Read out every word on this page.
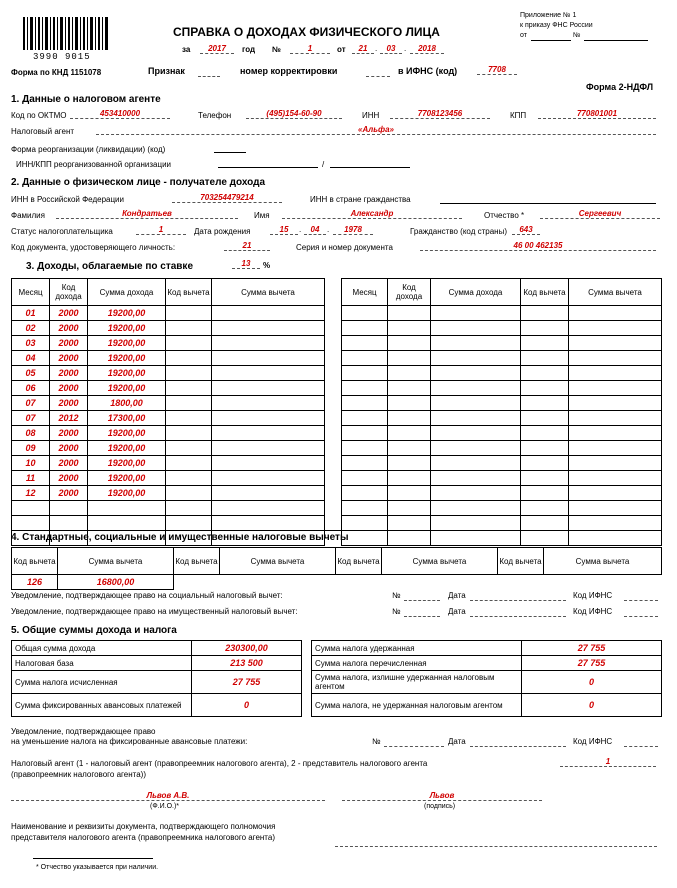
3990 9015
Форма по КНД 1151078
СПРАВКА О ДОХОДАХ ФИЗИЧЕСКОГО ЛИЦА
за	2017	год №	1	от	21 .	03	.	2018
Признак	номер корректировки	в ИФНС (код)	7708
Приложение № 1
к приказу ФНС России
от	№
Форма 2-НДФЛ
1. Данные о налоговом агенте
Код по ОКТМО	453410000	Телефон	(495)154-60-90	ИНН	7708123456	КПП	770801001
Налоговый агент	«Альфа»
Форма реорганизации (ликвидации) (код)
ИНН/КПП реорганизованной организации	/
2. Данные о физическом лице - получателе дохода
ИНН в Российской Федерации	703254479214	ИНН в стране гражданства
Фамилия	Кондратьев	Имя	Александр	Отчество *	Сергеевич
Статус налогоплательщика	1	Дата рождения	15	.	04 .	1978	Гражданство (код страны)	643
Код документа, удостоверяющего личность:	21	Серия и номер документа	46 00 462135
3. Доходы, облагаемые по ставке	13	%
Месяц	Код дохода	Сумма дохода	Код вычета	Сумма вычета
01	2000	19200,00		
02	2000	19200,00		
03	2000	19200,00		
04	2000	19200,00		
05	2000	19200,00		
06	2000	19200,00		
07	2000	1800,00		
07	2012	17300,00		
08	2000	19200,00		
09	2000	19200,00		
10	2000	19200,00		
11	2000	19200,00		
12	2000	19200,00		

Месяц	Код дохода	Сумма дохода	Код вычета	Сумма вычета

4. Стандартные, социальные и имущественные налоговые вычеты
Код вычета	Сумма вычета	Код вычета	Сумма вычета	Код вычета	Сумма вычета	Код вычета	Сумма вычета
126	16800,00						
Уведомление, подтверждающее право на социальный налоговый вычет:	№	Дата	Код ИФНС
Уведомление, подтверждающее право на имущественный налоговый вычет:	№	Дата	Код ИФНС
5. Общие суммы дохода и налога
Общая сумма дохода	230300,00
Налоговая база	213 500
Сумма налога исчисленная	27 755
Сумма фиксированных авансовых платежей	0
Сумма налога удержанная	27 755
Сумма налога перечисленная	27 755
Сумма налога, излишне удержанная налоговым агентом	0
Сумма налога, не удержанная налоговым агентом	0
Уведомление, подтверждающее право
на уменьшение налога на фиксированные авансовые платежи:	№	Дата	Код ИФНС
Налоговый агент (1 - налоговый агент (правопреемник налогового агента), 2 - представитель налогового агента
(правопреемник налогового агента))
1
Львов А.В.
(Ф.И.О.)*
Львов
(подпись)
Наименование и реквизиты документа, подтверждающего полномочия
представителя налогового агента (правопреемника налогового агента)
* Отчество указывается при наличии.
